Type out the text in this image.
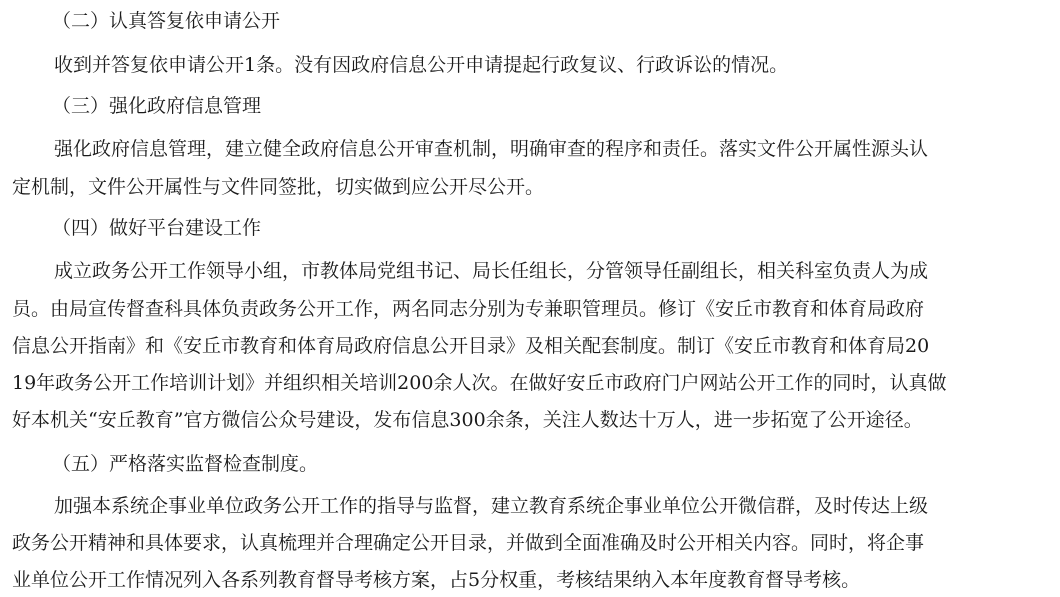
（二）认真答复依申请公开
收到并答复依申请公开1条。没有因政府信息公开申请提起行政复议、行政诉讼的情况。
（三）强化政府信息管理
强化政府信息管理，建立健全政府信息公开审查机制，明确审查的程序和责任。落实文件公开属性源头认
定机制，文件公开属性与文件同签批，切实做到应公开尽公开。
（四）做好平台建设工作
成立政务公开工作领导小组，市教体局党组书记、局长任组长，分管领导任副组长，相关科室负责人为成
员。由局宣传督查科具体负责政务公开工作，两名同志分别为专兼职管理员。修订《安丘市教育和体育局政府
信息公开指南》和《安丘市教育和体育局政府信息公开目录》及相关配套制度。制订《安丘市教育和体育局20
19年政务公开工作培训计划》并组织相关培训200余人次。在做好安丘市政府门户网站公开工作的同时，认真做
好本机关“安丘教育”官方微信公众号建设，发布信息300余条，关注人数达十万人，进一步拓宽了公开途径。
（五）严格落实监督检查制度。
加强本系统企事业单位政务公开工作的指导与监督，建立教育系统企事业单位公开微信群，及时传达上级
政务公开精神和具体要求，认真梳理并合理确定公开目录，并做到全面准确及时公开相关内容。同时，将企事
业单位公开工作情况列入各系列教育督导考核方案，占5分权重，考核结果纳入本年度教育督导考核。
